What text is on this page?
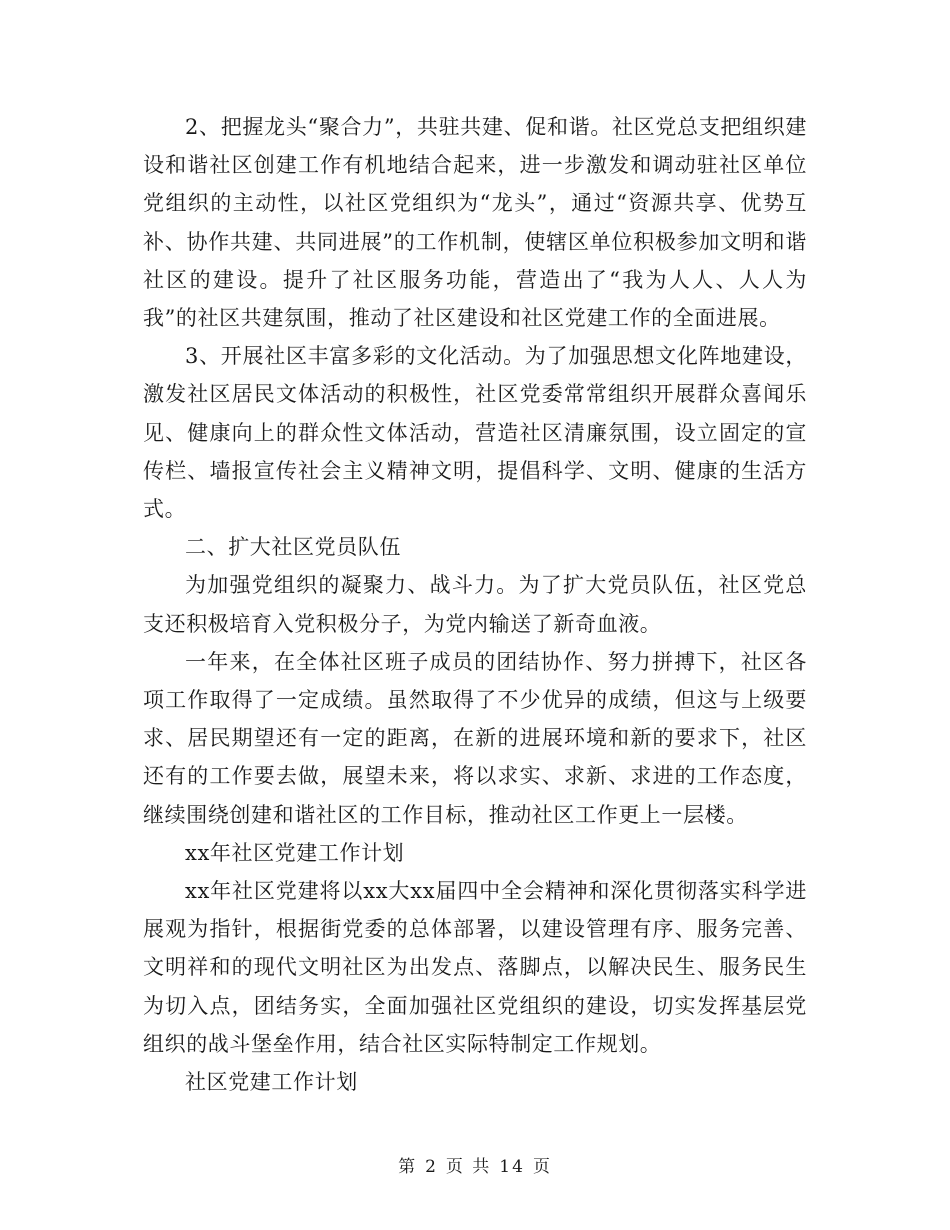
2、把握龙头“聚合力”，共驻共建、促和谐。社区党总支把组织建设和谐社区创建工作有机地结合起来，进一步激发和调动驻社区单位党组织的主动性，以社区党组织为“龙头”，通过“资源共享、优势互补、协作共建、共同进展”的工作机制，使辖区单位积极参加文明和谐社区的建设。提升了社区服务功能，营造出了“我为人人、人人为我”的社区共建氛围，推动了社区建设和社区党建工作的全面进展。

3、开展社区丰富多彩的文化活动。为了加强思想文化阵地建设，激发社区居民文体活动的积极性，社区党委常常组织开展群众喜闻乐见、健康向上的群众性文体活动，营造社区清廉氛围，设立固定的宣传栏、墙报宣传社会主义精神文明，提倡科学、文明、健康的生活方式。

二、扩大社区党员队伍

为加强党组织的凝聚力、战斗力。为了扩大党员队伍，社区党总支还积极培育入党积极分子，为党内输送了新奇血液。

一年来，在全体社区班子成员的团结协作、努力拼搏下，社区各项工作取得了一定成绩。虽然取得了不少优异的成绩，但这与上级要求、居民期望还有一定的距离，在新的进展环境和新的要求下，社区还有的工作要去做，展望未来，将以求实、求新、求进的工作态度，继续围绕创建和谐社区的工作目标，推动社区工作更上一层楼。

xx年社区党建工作计划

xx年社区党建将以xx大xx届四中全会精神和深化贯彻落实科学进展观为指针，根据街党委的总体部署，以建设管理有序、服务完善、文明祥和的现代文明社区为出发点、落脚点，以解决民生、服务民生为切入点，团结务实，全面加强社区党组织的建设，切实发挥基层党组织的战斗堡垒作用，结合社区实际特制定工作规划。

社区党建工作计划

第 2 页 共 14 页
